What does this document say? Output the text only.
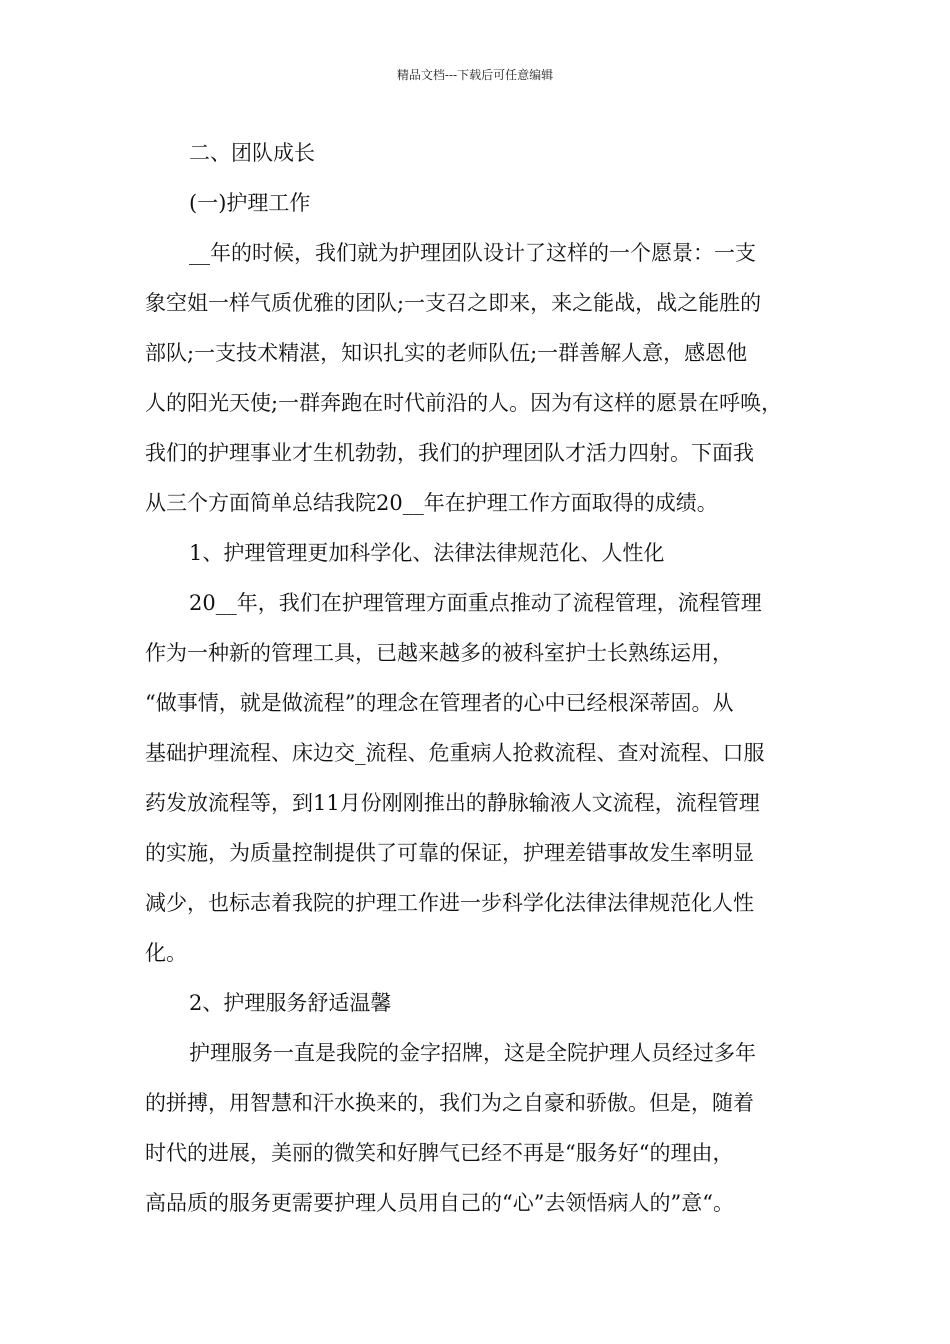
精品文档---下载后可任意编辑
二、团队成长
(一)护理工作
__年的时候，我们就为护理团队设计了这样的一个愿景：一支
象空姐一样气质优雅的团队;一支召之即来，来之能战，战之能胜的
部队;一支技术精湛，知识扎实的老师队伍;一群善解人意，感恩他
人的阳光天使;一群奔跑在时代前沿的人。因为有这样的愿景在呼唤，
我们的护理事业才生机勃勃，我们的护理团队才活力四射。下面我
从三个方面简单总结我院20__年在护理工作方面取得的成绩。
1、护理管理更加科学化、法律法律规范化、人性化
20__年，我们在护理管理方面重点推动了流程管理，流程管理
作为一种新的管理工具，已越来越多的被科室护士长熟练运用，
“做事情，就是做流程”的理念在管理者的心中已经根深蒂固。从
基础护理流程、床边交_流程、危重病人抢救流程、查对流程、口服
药发放流程等，到11月份刚刚推出的静脉输液人文流程，流程管理
的实施，为质量控制提供了可靠的保证，护理差错事故发生率明显
减少，也标志着我院的护理工作进一步科学化法律法律规范化人性
化。
2、护理服务舒适温馨
护理服务一直是我院的金字招牌，这是全院护理人员经过多年
的拼搏，用智慧和汗水换来的，我们为之自豪和骄傲。但是，随着
时代的进展，美丽的微笑和好脾气已经不再是“服务好“的理由，
高品质的服务更需要护理人员用自己的“心”去领悟病人的”意“。
